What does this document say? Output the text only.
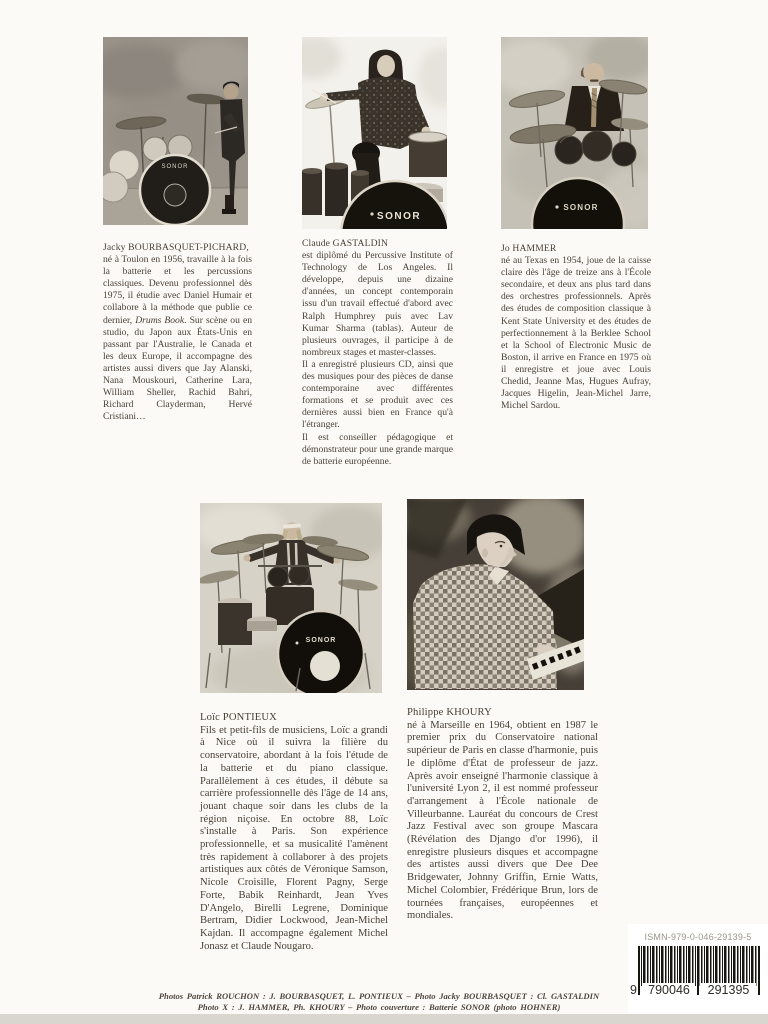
SONOR
SONOR
SONOR
Jacky BOURBASQUET-PICHARD,
né à Toulon en 1956, travaille à la fois la batterie et les percussions classiques. Devenu professionnel dès 1975, il étudie avec Daniel Humair et collabore à la méthode que publie ce dernier, Drums Book. Sur scène ou en studio, du Japon aux États-Unis en passant par l'Australie, le Canada et les deux Europe, il accompagne des artistes aussi divers que Jay Alanski, Nana Mouskouri, Catherine Lara, William Sheller, Rachid Bahri, Richard Clayderman, Hervé Cristiani…
Claude GASTALDIN
est diplômé du Percussive Institute of Technology de Los Angeles. Il développe, depuis une dizaine d'années, un concept contemporain issu d'un travail effectué d'abord avec Ralph Humphrey puis avec Lav Kumar Sharma (tablas). Auteur de plusieurs ouvrages, il participe à de nombreux stages et master-classes.
Il a enregistré plusieurs CD, ainsi que des musiques pour des pièces de danse contemporaine avec différentes formations et se produit avec ces dernières aussi bien en France qu'à l'étranger.
Il est conseiller pédagogique et démonstrateur pour une grande marque de batterie européenne.
Jo HAMMER
né au Texas en 1954, joue de la caisse claire dès l'âge de treize ans à l'École secondaire, et deux ans plus tard dans des orchestres professionnels. Après des études de composition classique à Kent State University et des études de perfectionnement à la Berklee School et la School of Electronic Music de Boston, il arrive en France en 1975 où il enregistre et joue avec Louis Chedid, Jeanne Mas, Hugues Aufray, Jacques Higelin, Jean-Michel Jarre, Michel Sardou.
SONOR
Loïc PONTIEUX
Fils et petit-fils de musiciens, Loïc a grandi à Nice où il suivra la filière du conservatoire, abordant à la fois l'étude de la batterie et du piano classique. Parallèlement à ces études, il débute sa carrière professionnelle dès l'âge de 14 ans, jouant chaque soir dans les clubs de la région niçoise. En octobre 88, Loïc s'installe à Paris. Son expérience professionnelle, et sa musicalité l'amènent très rapidement à collaborer à des projets artistiques aux côtés de Véronique Samson, Nicole Croisille, Florent Pagny, Serge Forte, Babik Reinhardt, Jean Yves D'Angelo, Birelli Legrene, Dominique Bertram, Didier Lockwood, Jean-Michel Kajdan. Il accompagne également Michel Jonasz et Claude Nougaro.
Philippe KHOURY
né à Marseille en 1964, obtient en 1987 le premier prix du Conservatoire national supérieur de Paris en classe d'harmonie, puis le diplôme d'État de professeur de jazz. Après avoir enseigné l'harmonie classique à l'université Lyon 2, il est nommé professeur d'arrangement à l'École nationale de Villeurbanne. Lauréat du concours de Crest Jazz Festival avec son groupe Mascara (Révélation des Django d'or 1996), il enregistre plusieurs disques et accompagne des artistes aussi divers que Dee Dee Bridgewater, Johnny Griffin, Ernie Watts, Michel Colombier, Frédérique Brun, lors de tournées françaises, européennes et mondiales.
ISMN-979-0-046-29139-5
9 790046	291395
Photos Patrick ROUCHON : J. BOURBASQUET, L. PONTIEUX – Photo Jacky BOURBASQUET : Cl. GASTALDIN
Photo X : J. HAMMER, Ph. KHOURY – Photo couverture : Batterie SONOR (photo HOHNER)
